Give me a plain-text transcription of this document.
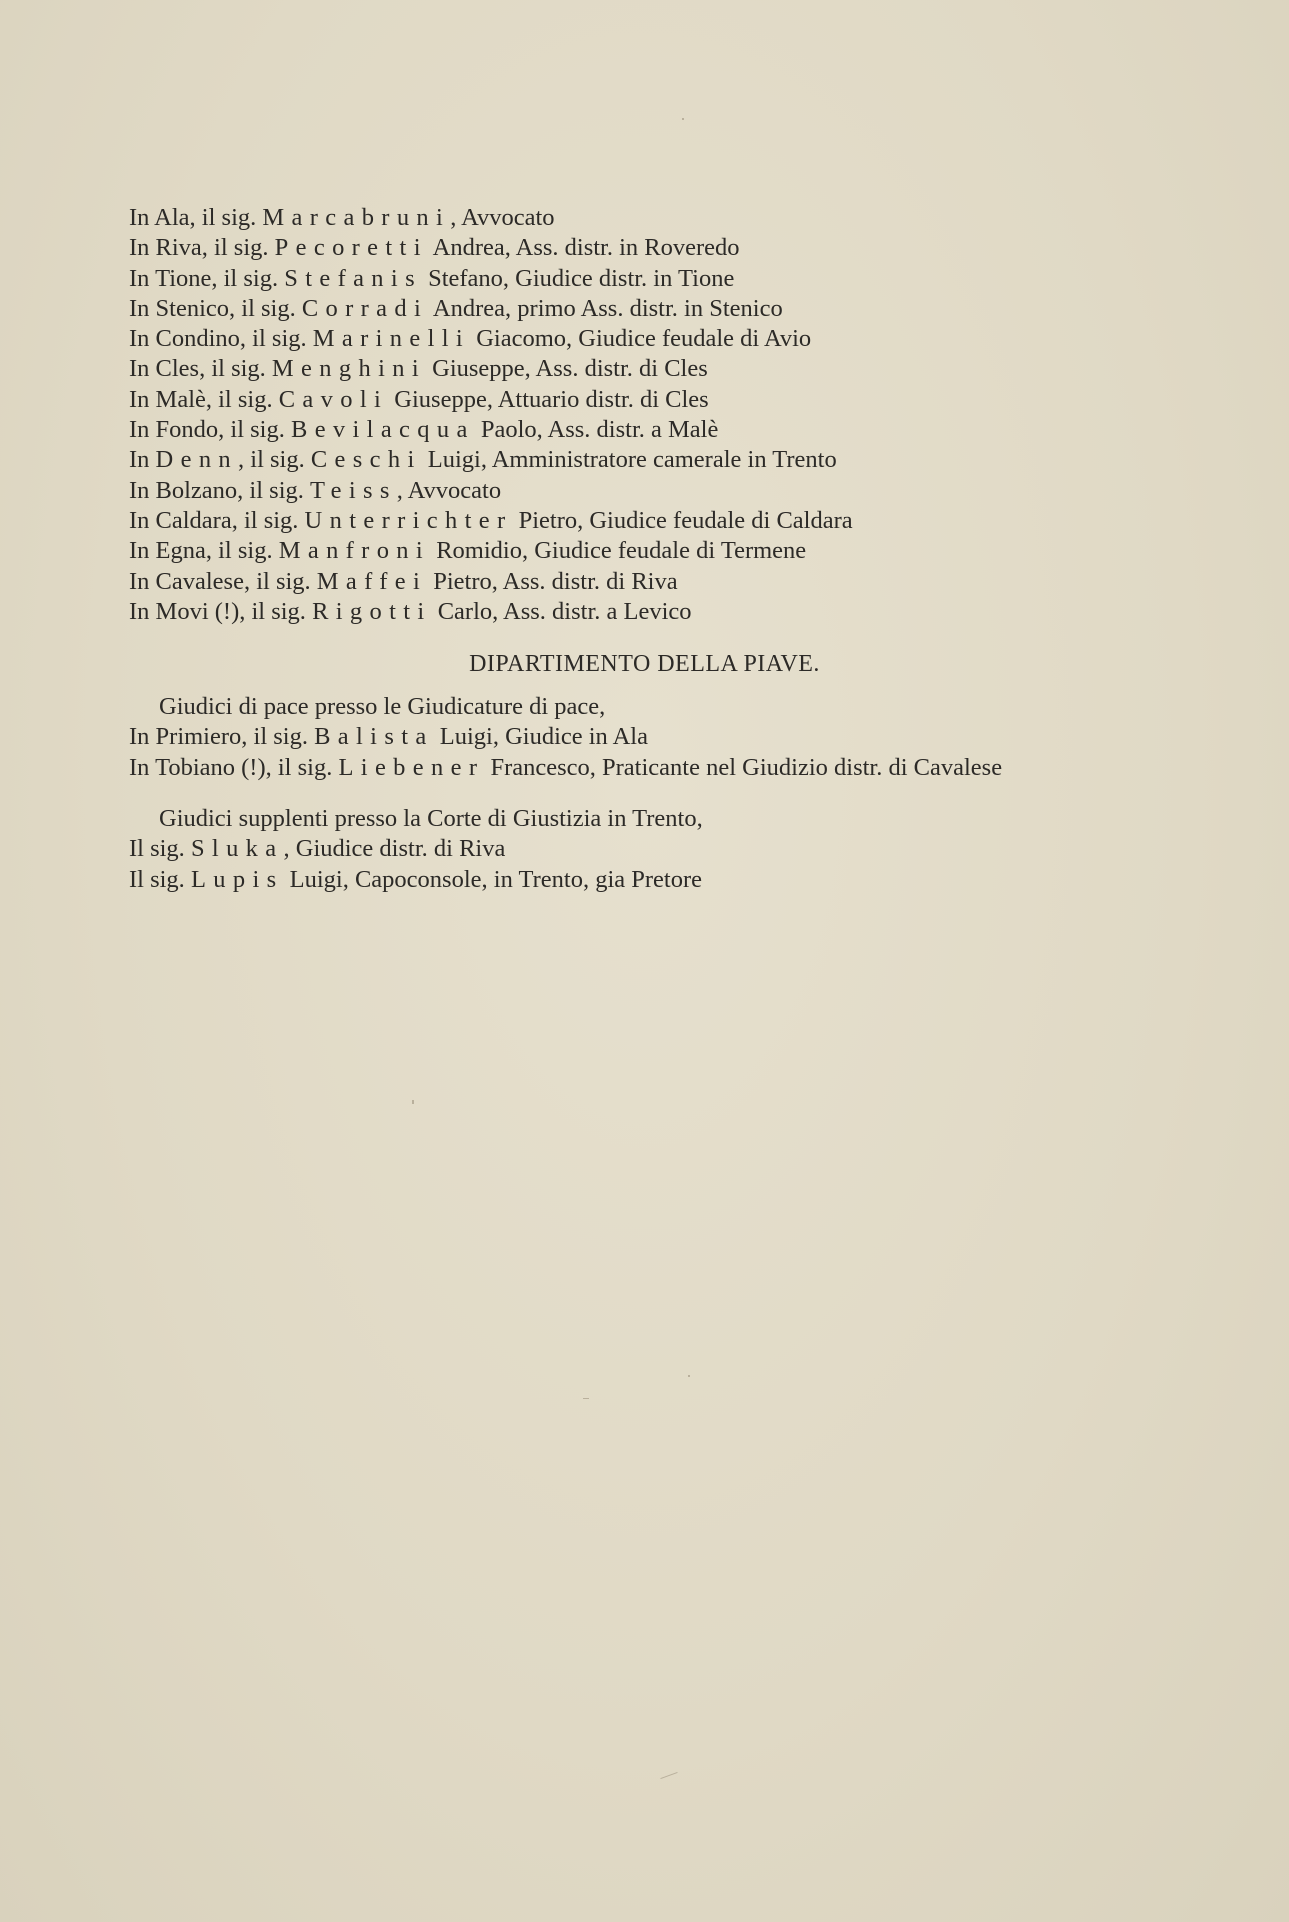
In Ala, il sig. Marcabruni, Avvocato
In Riva, il sig. Pecoretti Andrea, Ass. distr. in Roveredo
In Tione, il sig. Stefanis Stefano, Giudice distr. in Tione
In Stenico, il sig. Corradi Andrea, primo Ass. distr. in Stenico
In Condino, il sig. Marinelli Giacomo, Giudice feudale di Avio
In Cles, il sig. Menghini Giuseppe, Ass. distr. di Cles
In Malè, il sig. Cavoli Giuseppe, Attuario distr. di Cles
In Fondo, il sig. Bevilacqua Paolo, Ass. distr. a Malè
In Denn, il sig. Ceschi Luigi, Amministratore camerale in Trento
In Bolzano, il sig. Teiss, Avvocato
In Caldara, il sig. Unterrichter Pietro, Giudice feudale di Caldara
In Egna, il sig. Manfroni Romidio, Giudice feudale di Termene
In Cavalese, il sig. Maffei Pietro, Ass. distr. di Riva
In Movi (!), il sig. Rigotti Carlo, Ass. distr. a Levico
DIPARTIMENTO DELLA PIAVE.
Giudici di pace presso le Giudicature di pace,
In Primiero, il sig. Balista Luigi, Giudice in Ala
In Tobiano (!), il sig. Liebener Francesco, Praticante nel Giudizio distr. di Cavalese
Giudici supplenti presso la Corte di Giustizia in Trento,
Il sig. Sluka, Giudice distr. di Riva
Il sig. Lupis Luigi, Capoconsole, in Trento, gia Pretore
